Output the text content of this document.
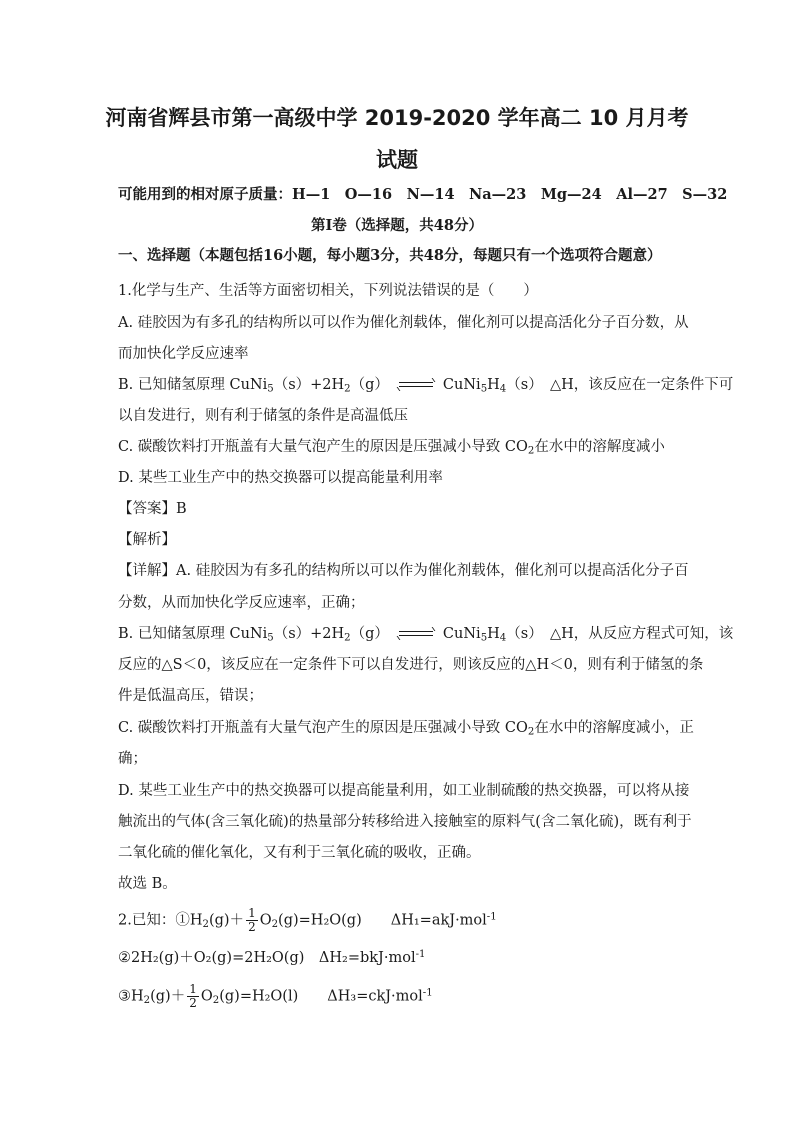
河南省辉县市第一高级中学 2019-2020 学年高二 10 月月考
试题
可能用到的相对原子质量：H—1　O—16　N—14　Na—23　Mg—24　Al—27　S—32
第Ⅰ卷（选择题，共48分）
一、选择题（本题包括16小题，每小题3分，共48分，每题只有一个选项符合题意）
1.化学与生产、生活等方面密切相关，下列说法错误的是（　　）
A. 硅胶因为有多孔的结构所以可以作为催化剂载体，催化剂可以提高活化分子百分数，从
而加快化学反应速率
B. 已知储氢原理 $CuNi_5(s)+2H_2(g)$	$CuNi_5H_4(s)$　△H，该反应在一定条件下可
以自发进行，则有利于储氢的条件是高温低压
C. 碳酸饮料打开瓶盖有大量气泡产生的原因是压强减小导致 $CO_2$在水中的溶解度减小
D. 某些工业生产中的热交换器可以提高能量利用率
【答案】B
【解析】
【详解】A. 硅胶因为有多孔的结构所以可以作为催化剂载体，催化剂可以提高活化分子百
分数，从而加快化学反应速率，正确；
B. 已知储氢原理 $CuNi_5(s)+2H_2(g)$	$CuNi_5H_4(s)$　△H，从反应方程式可知，该
反应的△S＜0，该反应在一定条件下可以自发进行，则该反应的△H＜0，则有利于储氢的条
件是低温高压，错误；
C. 碳酸饮料打开瓶盖有大量气泡产生的原因是压强减小导致 $CO_2$在水中的溶解度减小，正
确；
D. 某些工业生产中的热交换器可以提高能量利用，如工业制硫酸的热交换器，可以将从接
触流出的气体(含三氧化硫)的热量部分转移给进入接触室的原料气(含二氧化硫)，既有利于
二氧化硫的催化氧化，又有利于三氧化硫的吸收，正确。
故选 B。
2.已知：$①H_2(g)+ \frac{1}{2} O_2(g)=H_2O(g)$　　ΔH₁=akJ·mol$^{-1}$
②2H₂(g)＋O₂(g)=2H₂O(g)　ΔH₂=bkJ·mol$^{-1}$
$③H_2(g)+ \frac{1}{2} O_2(g)=H_2O(l)$　　ΔH₃=ckJ·mol$^{-1}$
